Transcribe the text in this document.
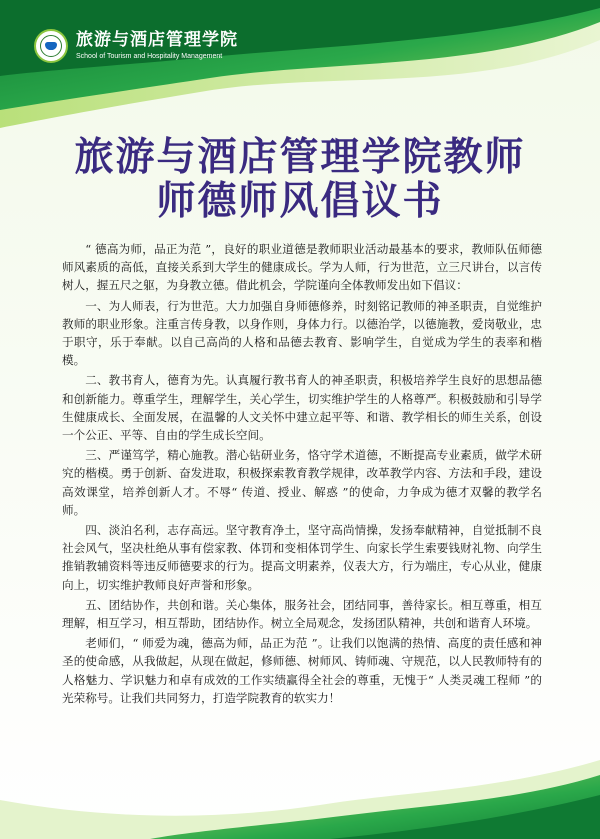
旅游与酒店管理学院
School of Tourism and Hospitality Management
旅游与酒店管理学院教师
师德师风倡议书

“ 德高为师，品正为范 ”，良好的职业道德是教师职业活动最基本的要求，教师队伍师德师风素质的高低，直接关系到大学生的健康成长。学为人师，行为世范，立三尺讲台，以言传树人，握五尺之躯，为身教立德。借此机会，学院谨向全体教师发出如下倡议：

一、为人师表，行为世范。大力加强自身师德修养，时刻铭记教师的神圣职责，自觉维护教师的职业形象。注重言传身教，以身作则，身体力行。以德治学，以德施教，爱岗敬业，忠于职守，乐于奉献。以自己高尚的人格和品德去教育、影响学生，自觉成为学生的表率和楷模。

二、教书育人，德育为先。认真履行教书育人的神圣职责，积极培养学生良好的思想品德和创新能力。尊重学生，理解学生，关心学生，切实维护学生的人格尊严。积极鼓励和引导学生健康成长、全面发展，在温馨的人文关怀中建立起平等、和谐、教学相长的师生关系，创设一个公正、平等、自由的学生成长空间。

三、严谨笃学，精心施教。潜心钻研业务，恪守学术道德，不断提高专业素质，做学术研究的楷模。勇于创新、奋发进取，积极探索教育教学规律，改革教学内容、方法和手段，建设高效课堂，培养创新人才。不辱“ 传道、授业、解惑 ”的使命，力争成为德才双馨的教学名师。

四、淡泊名利，志存高远。坚守教育净土，坚守高尚情操，发扬奉献精神，自觉抵制不良社会风气，坚决杜绝从事有偿家教、体罚和变相体罚学生、向家长学生索要钱财礼物、向学生推销教辅资料等违反师德要求的行为。提高文明素养，仪表大方，行为端庄，专心从业，健康向上，切实维护教师良好声誉和形象。

五、团结协作，共创和谐。关心集体，服务社会，团结同事，善待家长。相互尊重，相互理解，相互学习，相互帮助，团结协作。树立全局观念，发扬团队精神，共创和谐育人环境。

老师们，“ 师爱为魂，德高为师，品正为范 ”。让我们以饱满的热情、高度的责任感和神圣的使命感，从我做起，从现在做起，修师德、树师风、铸师魂、守规范，以人民教师特有的人格魅力、学识魅力和卓有成效的工作实绩赢得全社会的尊重，无愧于“ 人类灵魂工程师 ”的光荣称号。让我们共同努力，打造学院教育的软实力！
